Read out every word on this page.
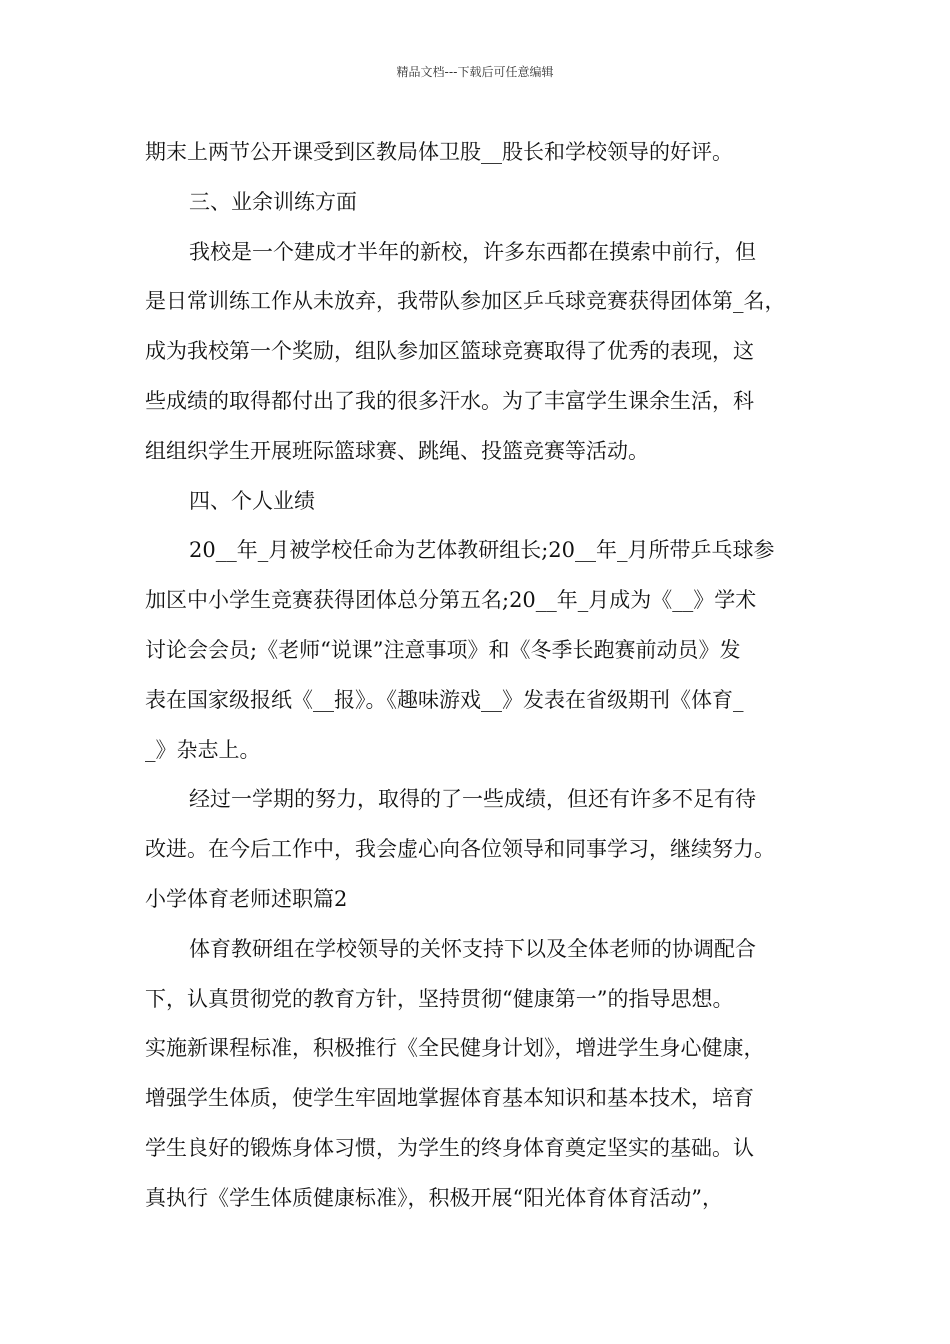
精品文档---下载后可任意编辑
期末上两节公开课受到区教局体卫股__股长和学校领导的好评。
三、业余训练方面
我校是一个建成才半年的新校，许多东西都在摸索中前行，但
是日常训练工作从未放弃，我带队参加区乒乓球竞赛获得团体第_名，
成为我校第一个奖励，组队参加区篮球竞赛取得了优秀的表现，这
些成绩的取得都付出了我的很多汗水。为了丰富学生课余生活，科
组组织学生开展班际篮球赛、跳绳、投篮竞赛等活动。
四、个人业绩
20__年_月被学校任命为艺体教研组长;20__年_月所带乒乓球参
加区中小学生竞赛获得团体总分第五名;20__年_月成为《__》学术
讨论会会员;《老师“说课”注意事项》和《冬季长跑赛前动员》发
表在国家级报纸《__报》。《趣味游戏__》发表在省级期刊《体育_
_》杂志上。
经过一学期的努力，取得的了一些成绩，但还有许多不足有待
改进。在今后工作中，我会虚心向各位领导和同事学习，继续努力。
小学体育老师述职篇2
体育教研组在学校领导的关怀支持下以及全体老师的协调配合
下，认真贯彻党的教育方针，坚持贯彻“健康第一”的指导思想。
实施新课程标准，积极推行《全民健身计划》，增进学生身心健康，
增强学生体质，使学生牢固地掌握体育基本知识和基本技术，培育
学生良好的锻炼身体习惯，为学生的终身体育奠定坚实的基础。认
真执行《学生体质健康标准》，积极开展“阳光体育体育活动”，
